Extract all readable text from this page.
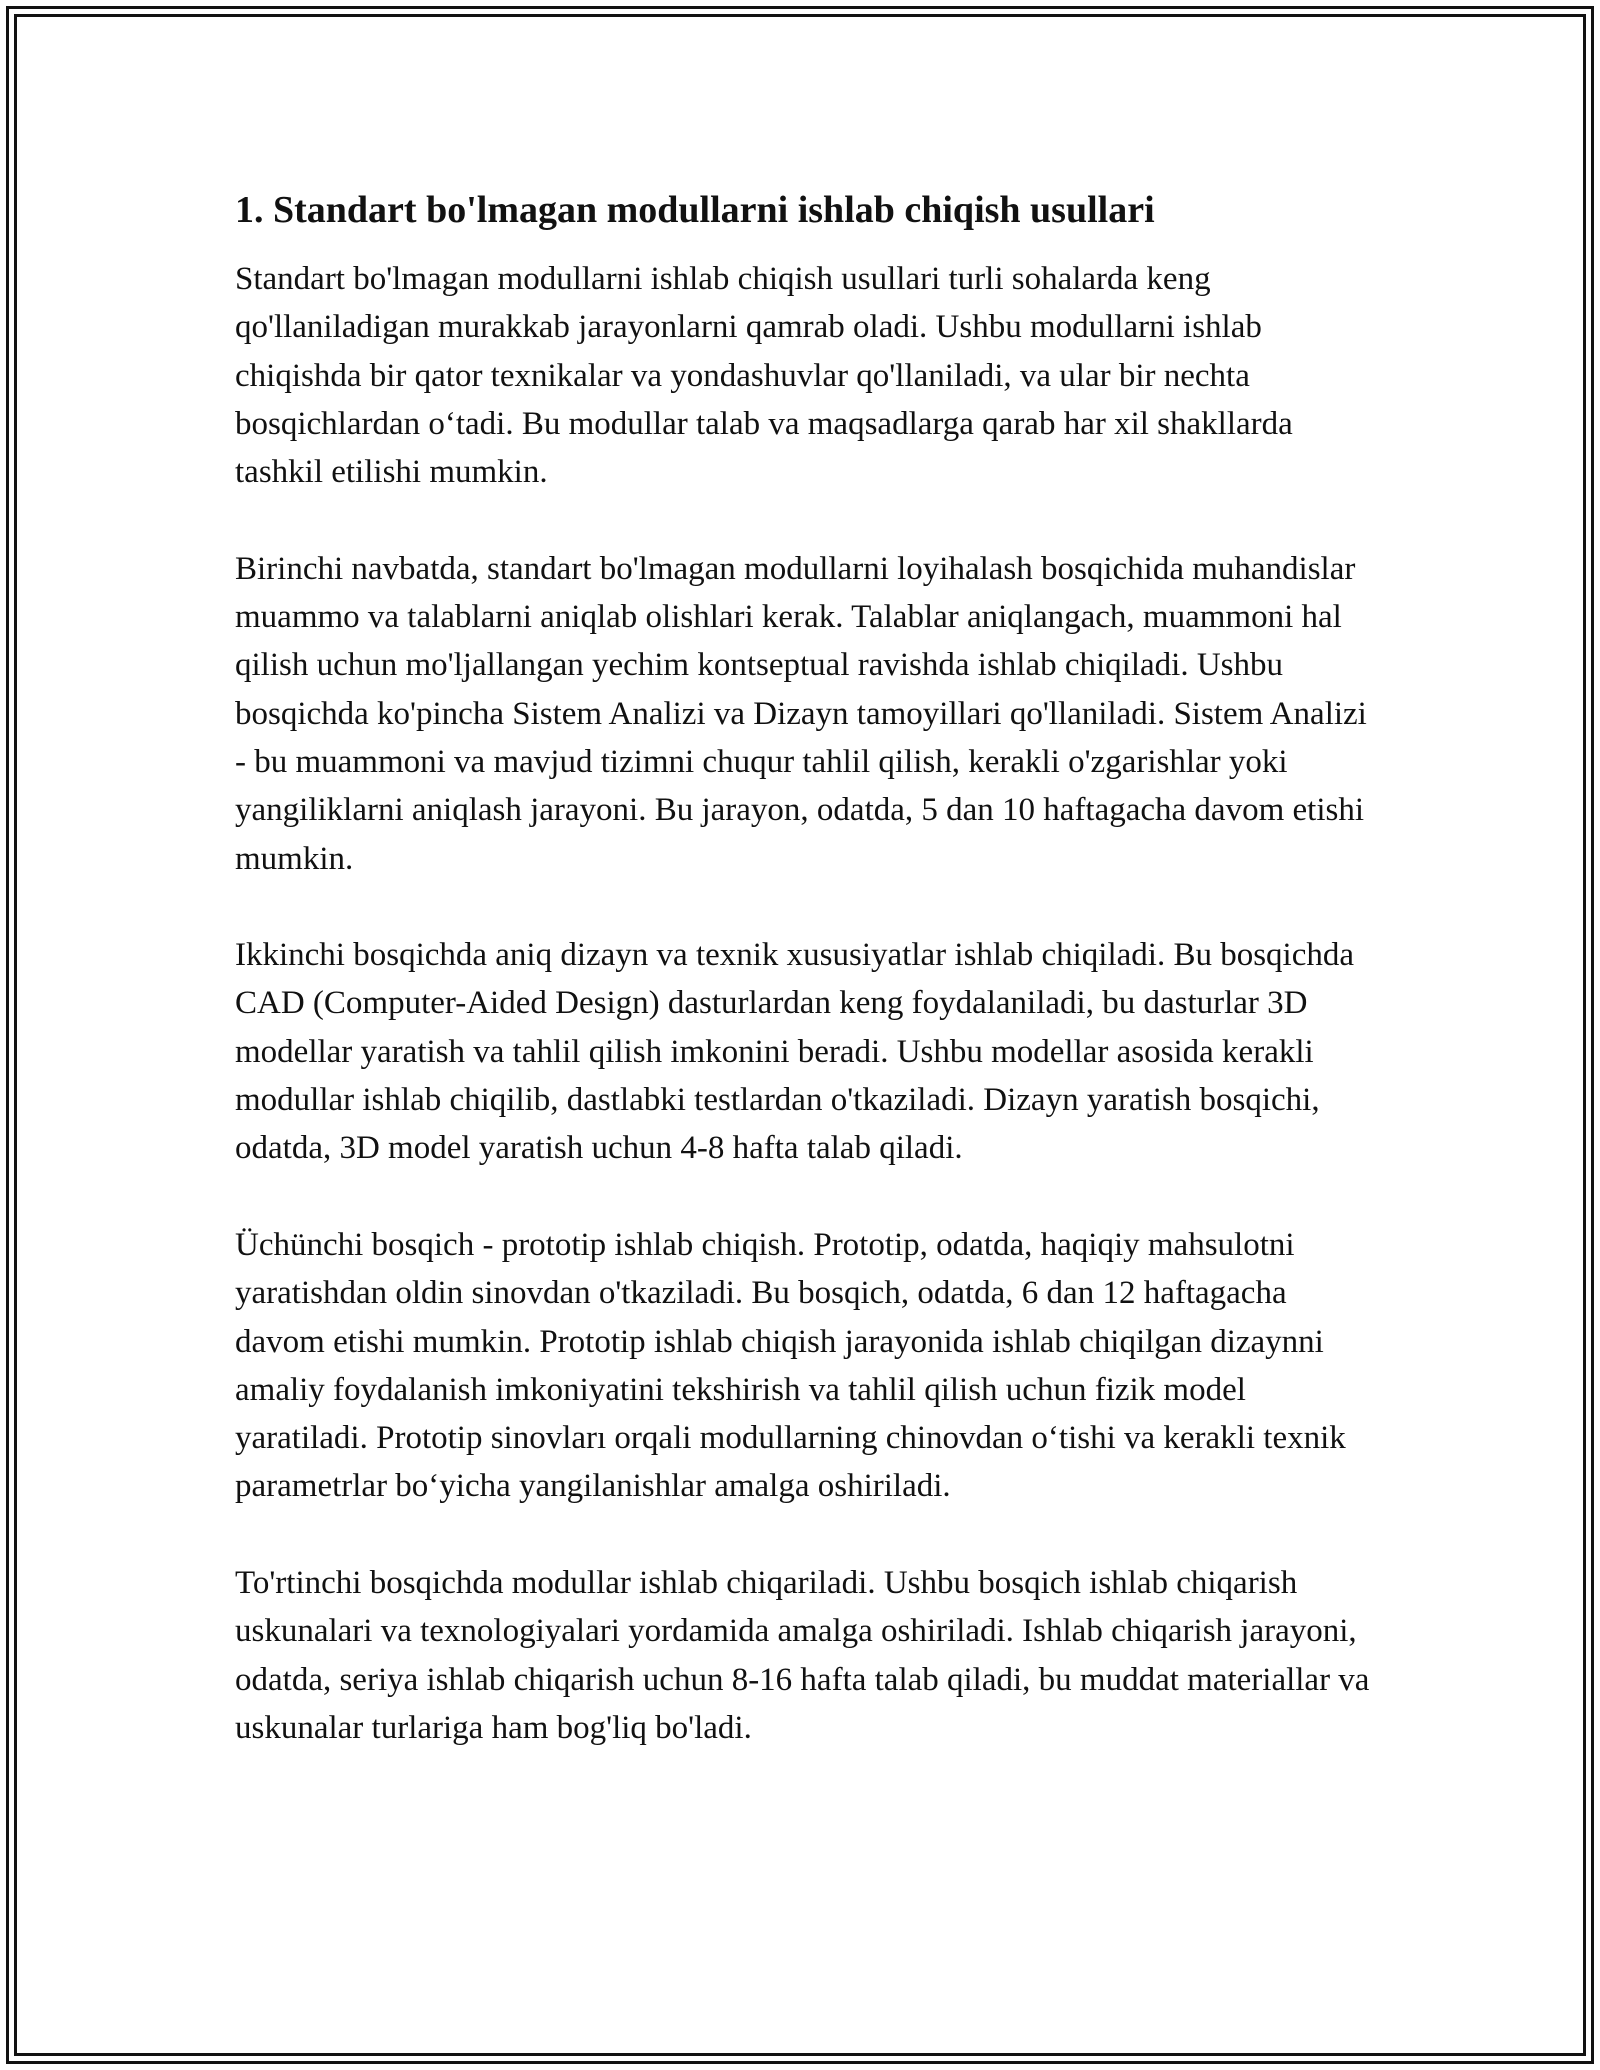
1. Standart bo'lmagan modullarni ishlab chiqish usullari

Standart bo'lmagan modullarni ishlab chiqish usullari turli sohalarda keng qo'llaniladigan murakkab jarayonlarni qamrab oladi. Ushbu modullarni ishlab chiqishda bir qator texnikalar va yondashuvlar qo'llaniladi, va ular bir nechta bosqichlardan o‘tadi. Bu modullar talab va maqsadlarga qarab har xil shakllarda tashkil etilishi mumkin.

Birinchi navbatda, standart bo'lmagan modullarni loyihalash bosqichida muhandislar muammo va talablarni aniqlab olishlari kerak. Talablar aniqlangach, muammoni hal qilish uchun mo'ljallangan yechim kontseptual ravishda ishlab chiqiladi. Ushbu bosqichda ko'pincha Sistem Analizi va Dizayn tamoyillari qo'llaniladi. Sistem Analizi - bu muammoni va mavjud tizimni chuqur tahlil qilish, kerakli o'zgarishlar yoki yangiliklarni aniqlash jarayoni. Bu jarayon, odatda, 5 dan 10 haftagacha davom etishi mumkin.

Ikkinchi bosqichda aniq dizayn va texnik xususiyatlar ishlab chiqiladi. Bu bosqichda CAD (Computer-Aided Design) dasturlardan keng foydalaniladi, bu dasturlar 3D modellar yaratish va tahlil qilish imkonini beradi. Ushbu modellar asosida kerakli modullar ishlab chiqilib, dastlabki testlardan o'tkaziladi. Dizayn yaratish bosqichi, odatda, 3D model yaratish uchun 4-8 hafta talab qiladi.

Üchünchi bosqich - prototip ishlab chiqish. Prototip, odatda, haqiqiy mahsulotni yaratishdan oldin sinovdan o'tkaziladi. Bu bosqich, odatda, 6 dan 12 haftagacha davom etishi mumkin. Prototip ishlab chiqish jarayonida ishlab chiqilgan dizaynni amaliy foydalanish imkoniyatini tekshirish va tahlil qilish uchun fizik model yaratiladi. Prototip sinovları orqali modullarning chinovdan o‘tishi va kerakli texnik parametrlar bo‘yicha yangilanishlar amalga oshiriladi.

To'rtinchi bosqichda modullar ishlab chiqariladi. Ushbu bosqich ishlab chiqarish uskunalari va texnologiyalari yordamida amalga oshiriladi. Ishlab chiqarish jarayoni, odatda, seriya ishlab chiqarish uchun 8-16 hafta talab qiladi, bu muddat materiallar va uskunalar turlariga ham bog'liq bo'ladi.
